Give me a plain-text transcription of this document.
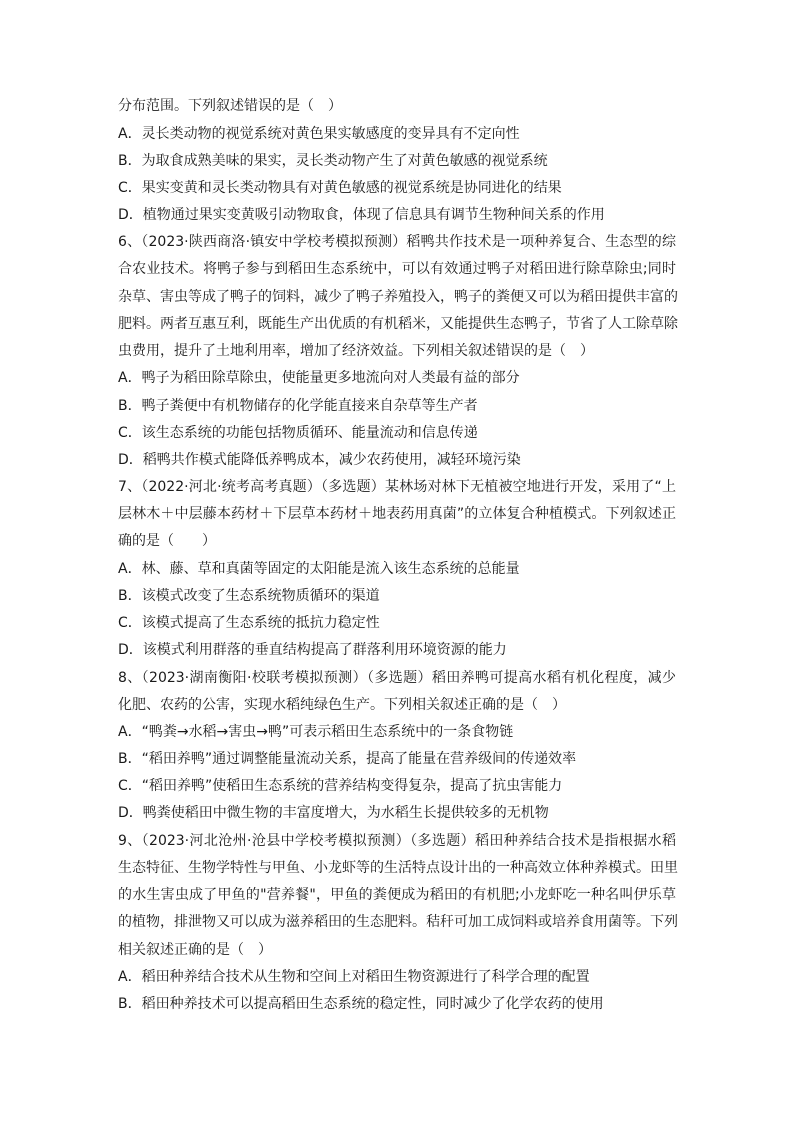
分布范围。下列叙述错误的是（　）
A．灵长类动物的视觉系统对黄色果实敏感度的变异具有不定向性
B．为取食成熟美味的果实，灵长类动物产生了对黄色敏感的视觉系统
C．果实变黄和灵长类动物具有对黄色敏感的视觉系统是协同进化的结果
D．植物通过果实变黄吸引动物取食，体现了信息具有调节生物种间关系的作用
6、（2023·陕西商洛·镇安中学校考模拟预测）稻鸭共作技术是一项种养复合、生态型的综
合农业技术。将鸭子参与到稻田生态系统中，可以有效通过鸭子对稻田进行除草除虫;同时
杂草、害虫等成了鸭子的饲料，减少了鸭子养殖投入，鸭子的粪便又可以为稻田提供丰富的
肥料。两者互惠互利，既能生产出优质的有机稻米，又能提供生态鸭子，节省了人工除草除
虫费用，提升了土地利用率，增加了经济效益。下列相关叙述错误的是（　）
A．鸭子为稻田除草除虫，使能量更多地流向对人类最有益的部分
B．鸭子粪便中有机物储存的化学能直接来自杂草等生产者
C．该生态系统的功能包括物质循环、能量流动和信息传递
D．稻鸭共作模式能降低养鸭成本，减少农药使用，减轻环境污染
7、（2022·河北·统考高考真题）（多选题）某林场对林下无植被空地进行开发，采用了“上
层林木＋中层藤本药材＋下层草本药材＋地表药用真菌”的立体复合种植模式。下列叙述正
确的是（　　）
A．林、藤、草和真菌等固定的太阳能是流入该生态系统的总能量
B．该模式改变了生态系统物质循环的渠道
C．该模式提高了生态系统的抵抗力稳定性
D．该模式利用群落的垂直结构提高了群落利用环境资源的能力
8、（2023·湖南衡阳·校联考模拟预测）（多选题）稻田养鸭可提高水稻有机化程度，减少
化肥、农药的公害，实现水稻纯绿色生产。下列相关叙述正确的是（　）
A．“鸭粪→水稻→害虫→鸭”可表示稻田生态系统中的一条食物链
B．“稻田养鸭”通过调整能量流动关系，提高了能量在营养级间的传递效率
C．“稻田养鸭”使稻田生态系统的营养结构变得复杂，提高了抗虫害能力
D．鸭粪使稻田中微生物的丰富度增大，为水稻生长提供较多的无机物
9、（2023·河北沧州·沧县中学校考模拟预测）（多选题）稻田种养结合技术是指根据水稻
生态特征、生物学特性与甲鱼、小龙虾等的生活特点设计出的一种高效立体种养模式。田里
的水生害虫成了甲鱼的"营养餐"，甲鱼的粪便成为稻田的有机肥;小龙虾吃一种名叫伊乐草
的植物，排泄物又可以成为滋养稻田的生态肥料。秸秆可加工成饲料或培养食用菌等。下列
相关叙述正确的是（　）
A．稻田种养结合技术从生物和空间上对稻田生物资源进行了科学合理的配置
B．稻田种养技术可以提高稻田生态系统的稳定性，同时减少了化学农药的使用
